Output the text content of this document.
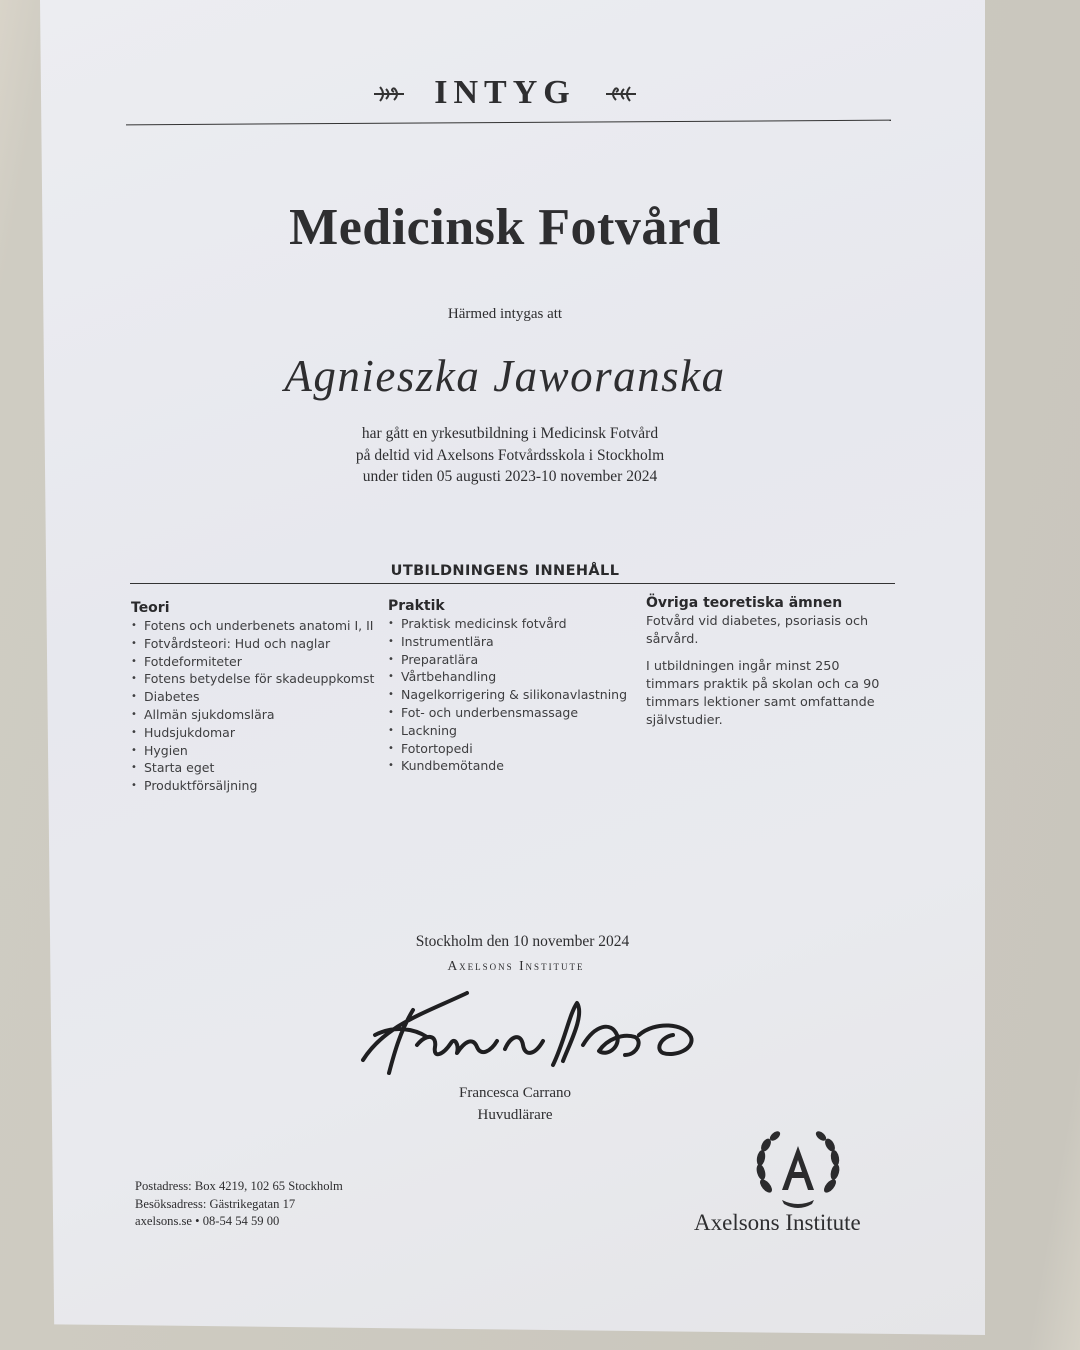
INTYG
Medicinsk Fotvård
Härmed intygas att
Agnieszka Jaworanska
har gått en yrkesutbildning i Medicinsk Fotvård
på deltid vid Axelsons Fotvårdsskola i Stockholm
under tiden 05 augusti 2023-10 november 2024
UTBILDNINGENS INNEHÅLL
Teori
• Fotens och underbenets anatomi I, II
• Fotvårdsteori: Hud och naglar
• Fotdeformiteter
• Fotens betydelse för skadeuppkomst
• Diabetes
• Allmän sjukdomslära
• Hudsjukdomar
• Hygien
• Starta eget
• Produktförsäljning
Praktik
• Praktisk medicinsk fotvård
• Instrumentlära
• Preparatlära
• Vårtbehandling
• Nagelkorrigering & silikonavlastning
• Fot- och underbensmassage
• Lackning
• Fotortopedi
• Kundbemötande
Övriga teoretiska ämnen

Fotvård vid diabetes, psoriasis och sårvård.

I utbildningen ingår minst 250 timmars praktik på skolan och ca 90 timmars lektioner samt omfattande självstudier.

Stockholm den 10 november 2024
Axelsons Institute
Francesca Carrano
Huvudlärare
Postadress: Box 4219, 102 65 Stockholm
Besöksadress: Gästrikegatan 17
axelsons.se • 08-54 54 59 00	Axelsons Institute
